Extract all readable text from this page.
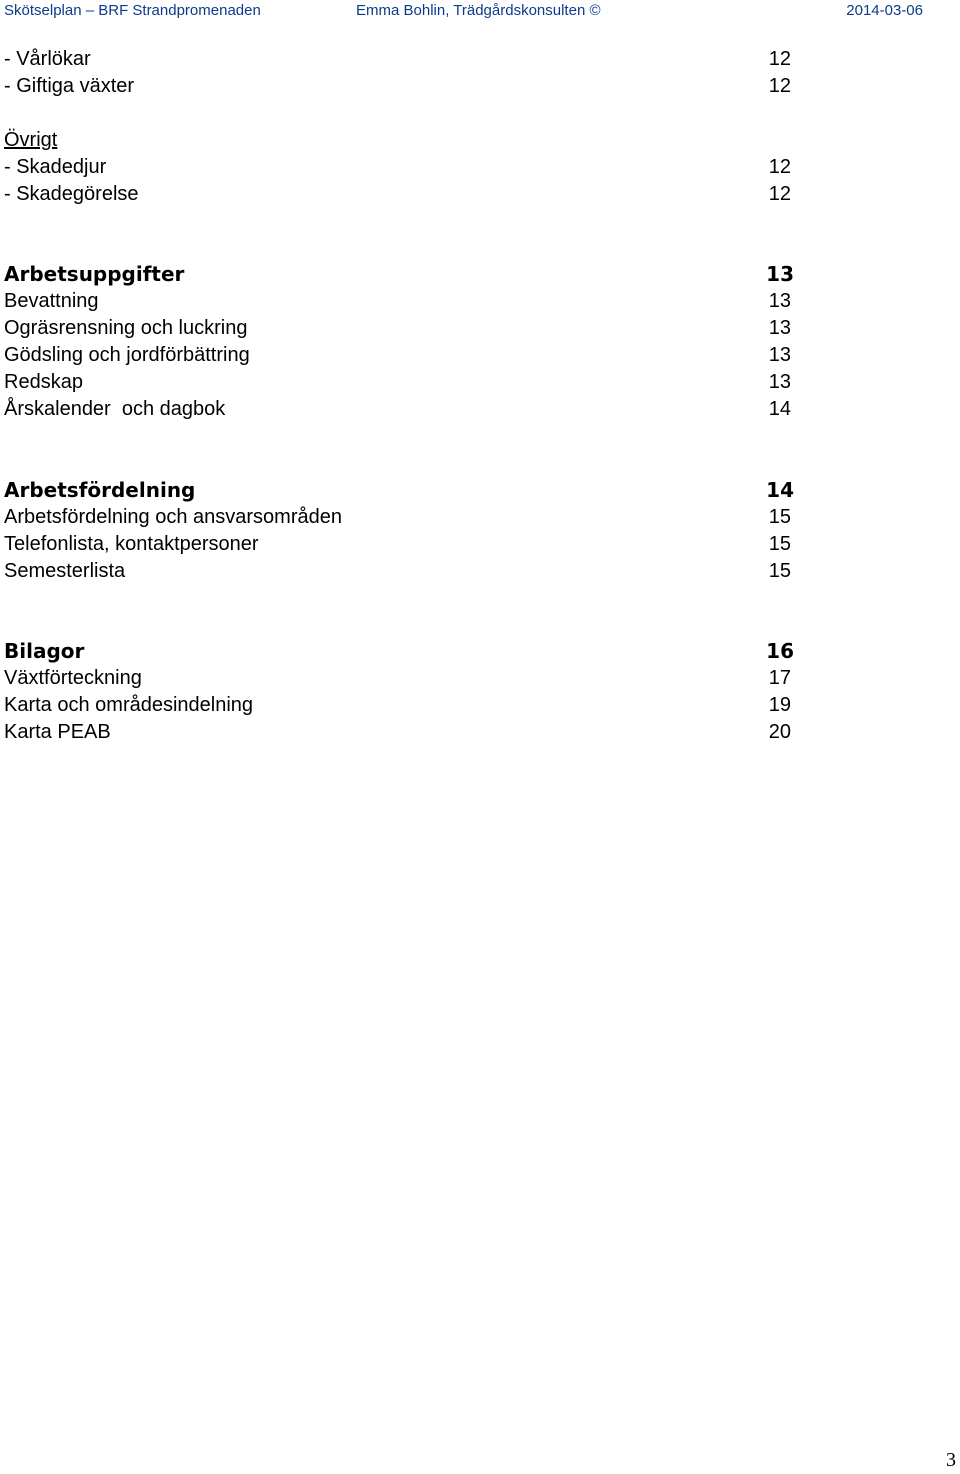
Skötselplan – BRF Strandpromenaden	Emma Bohlin, Trädgårdskonsulten ©	2014-03-06
- Vårlökar	12
- Giftiga växter	12
Övrigt
- Skadedjur	12
- Skadegörelse	12
Arbetsuppgifter	13
Bevattning	13
Ogräsrensning och luckring	13
Gödsling och jordförbättring	13
Redskap	13
Årskalender  och dagbok	14
Arbetsfördelning	14
Arbetsfördelning och ansvarsområden	15
Telefonlista, kontaktpersoner	15
Semesterlista	15
Bilagor	16
Växtförteckning	17
Karta och områdesindelning	19
Karta PEAB	20
3
